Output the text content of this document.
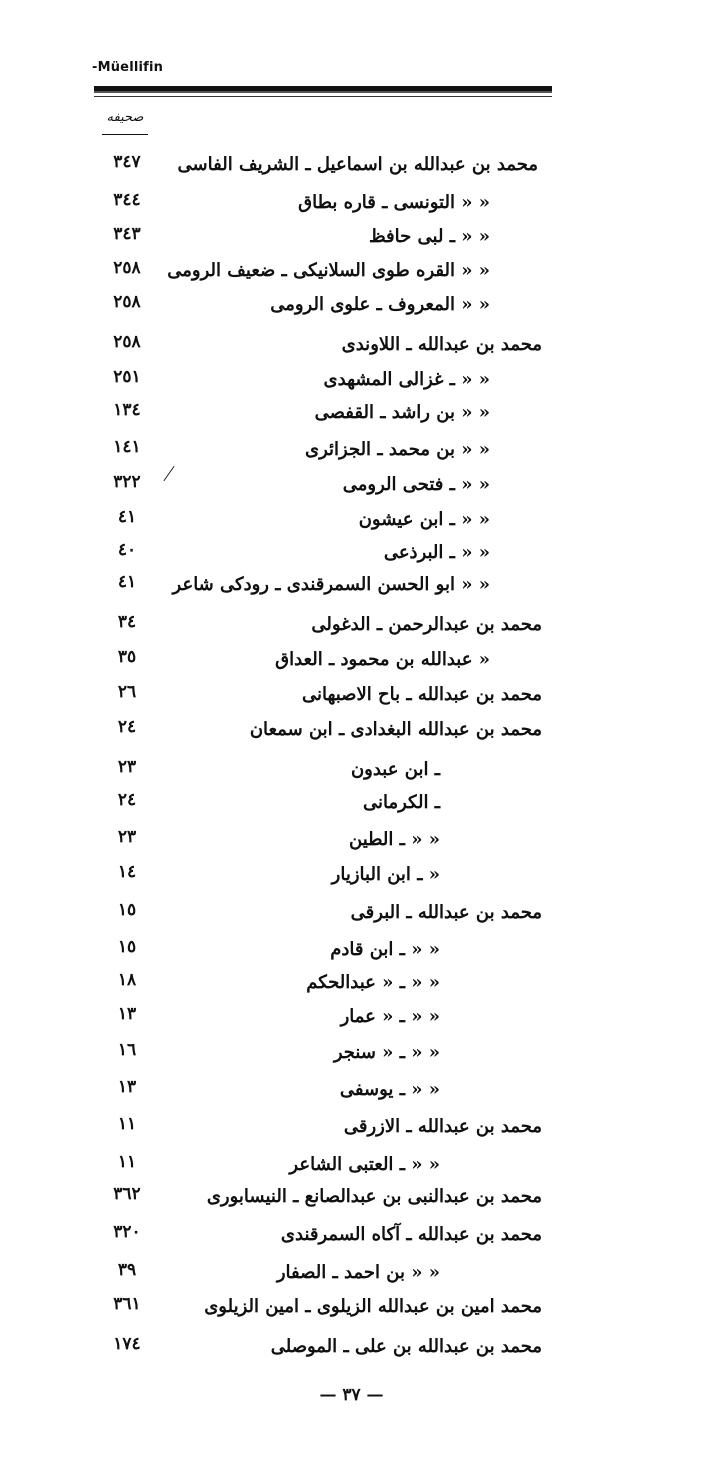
-Müellifin
صحيفه
٣٤٧	محمد بن عبدالله بن اسماعيل ـ الشريف الفاسى
٣٤٤	« « التونسى ـ قاره بطاق
٣٤٣	« « ـ لبى حافظ
٢٥٨	« « القره طوى السلانيكى ـ ضعيف الرومى
٢٥٨	« « المعروف ـ علوى الرومى
٢٥٨	محمد بن عبدالله ـ اللاوندى
٢٥١	« « ـ غزالى المشهدى
١٣٤	« « بن راشد ـ القفصى
١٤١	« « بن محمد ـ الجزائرى
٣٢٢	« « ـ فتحى الرومى
٤١	« « ـ ابن عيشون
٤٠	« « ـ البرذعى
٤١	« « ابو الحسن السمرقندى ـ رودكى شاعر
٣٤	محمد بن عبدالرحمن ـ الدغولى
٣٥	« عبدالله بن محمود ـ العداق
٢٦	محمد بن عبدالله ـ باح الاصبهانى
٢٤	محمد بن عبدالله البغدادى ـ ابن سمعان
٢٣	ـ ابن عبدون
٢٤	ـ الكرمانى
٢٣	« « ـ الطين
١٤	« ـ ابن البازيار
١٥	محمد بن عبدالله ـ البرقى
١٥	« « ـ ابن قادم
١٨	« « ـ « عبدالحكم
١٣	« « ـ « عمار
١٦	« « ـ « سنجر
١٣	« « ـ يوسفى
١١	محمد بن عبدالله ـ الازرقى
١١	« « ـ العتبى الشاعر
٣٦٢	محمد بن عبدالنبى بن عبدالصانع ـ النيسابورى
٣٢٠	محمد بن عبدالله ـ آكاه السمرقندى
٣٩	« « بن احمد ـ الصفار
٣٦١	محمد امين بن عبدالله الزيلوى ـ امين الزيلوى
١٧٤	محمد بن عبدالله بن على ـ الموصلى
— ٣٧ —
